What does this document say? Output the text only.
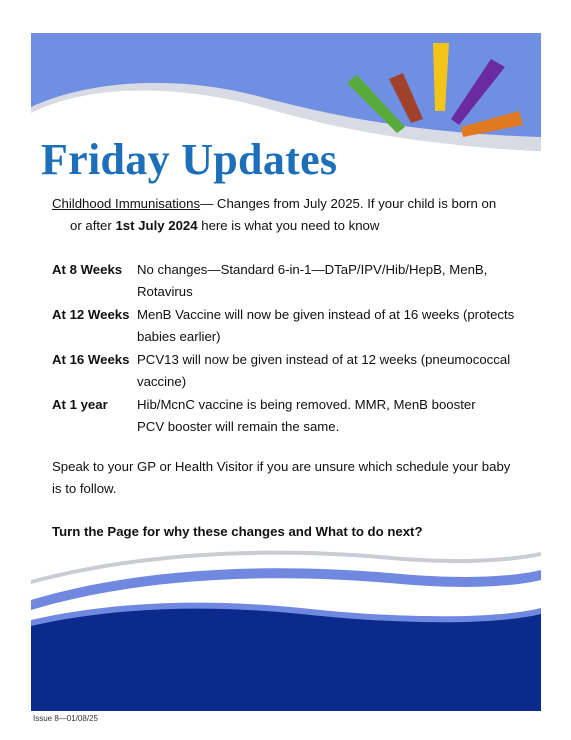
Friday Updates
Childhood Immunisations— Changes from July 2025. If your child is born on
or after 1st July 2024 here is what you need to know
At 8 Weeks	No changes—Standard 6-in-1—DTaP/IPV/Hib/HepB, MenB,
Rotavirus
At 12 Weeks MenB Vaccine will now be given instead of at 16 weeks (protects
babies earlier)
At 16 Weeks PCV13 will now be given instead of at 12 weeks (pneumococcal
vaccine)
At 1 year	Hib/McnC vaccine is being removed. MMR, MenB booster
PCV booster will remain the same.
Speak to your GP or Health Visitor if you are unsure which schedule your baby
is to follow.
Turn the Page for why these changes and What to do next?
Issue 8—01/08/25
